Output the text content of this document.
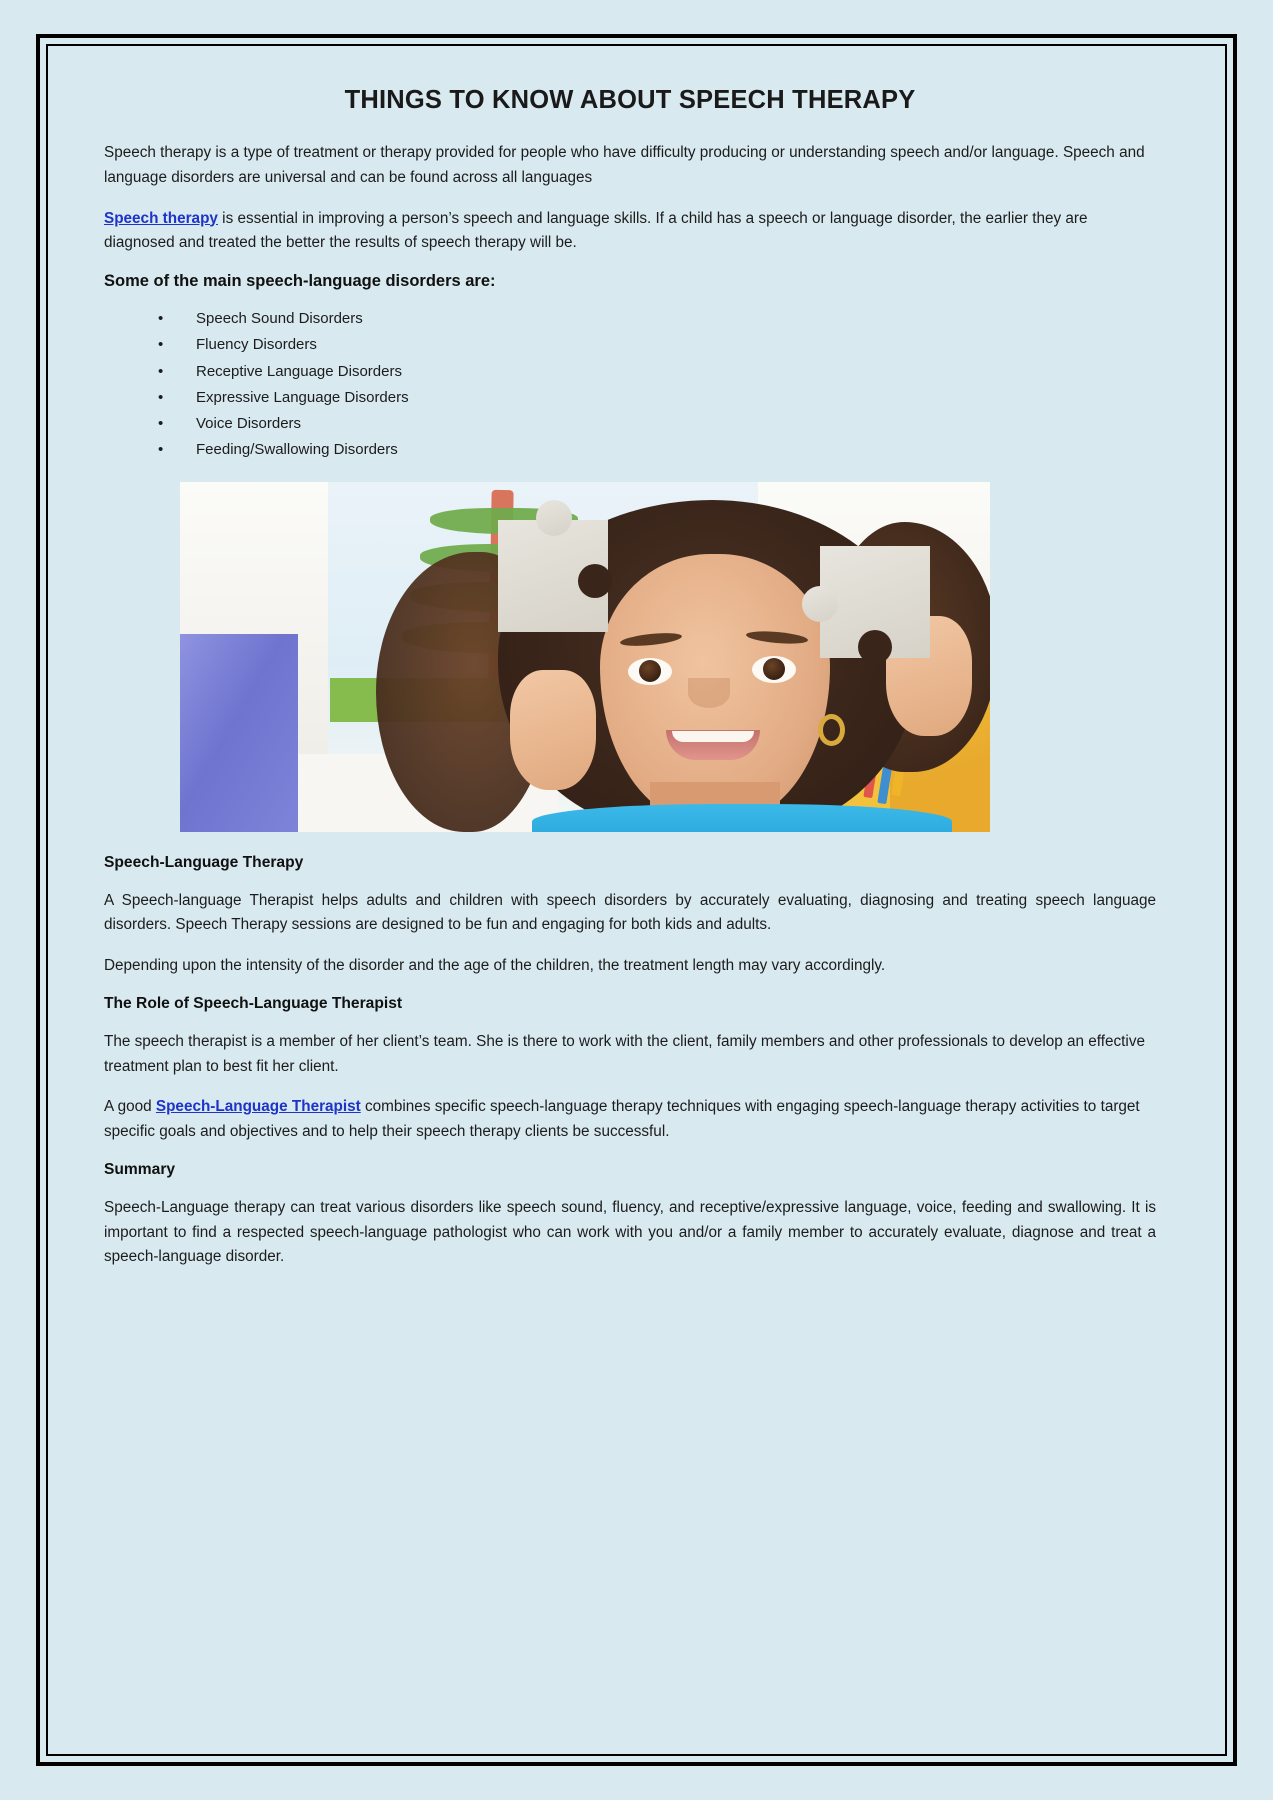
THINGS TO KNOW ABOUT SPEECH THERAPY

Speech therapy is a type of treatment or therapy provided for people who have difficulty producing or understanding speech and/or language. Speech and language disorders are universal and can be found across all languages

Speech therapy is essential in improving a person’s speech and language skills. If a child has a speech or language disorder, the earlier they are diagnosed and treated the better the results of speech therapy will be.

Some of the main speech-language disorders are:
• Speech Sound Disorders
• Fluency Disorders
• Receptive Language Disorders
• Expressive Language Disorders
• Voice Disorders
• Feeding/Swallowing Disorders
Speech-Language Therapy

A Speech-language Therapist helps adults and children with speech disorders by accurately evaluating, diagnosing and treating speech language disorders. Speech Therapy sessions are designed to be fun and engaging for both kids and adults.

Depending upon the intensity of the disorder and the age of the children, the treatment length may vary accordingly.

The Role of Speech-Language Therapist

The speech therapist is a member of her client’s team. She is there to work with the client, family members and other professionals to develop an effective treatment plan to best fit her client.

A good Speech-Language Therapist combines specific speech-language therapy techniques with engaging speech-language therapy activities to target specific goals and objectives and to help their speech therapy clients be successful.

Summary

Speech-Language therapy can treat various disorders like speech sound, fluency, and receptive/expressive language, voice, feeding and swallowing. It is important to find a respected speech-language pathologist who can work with you and/or a family member to accurately evaluate, diagnose and treat a speech-language disorder.
